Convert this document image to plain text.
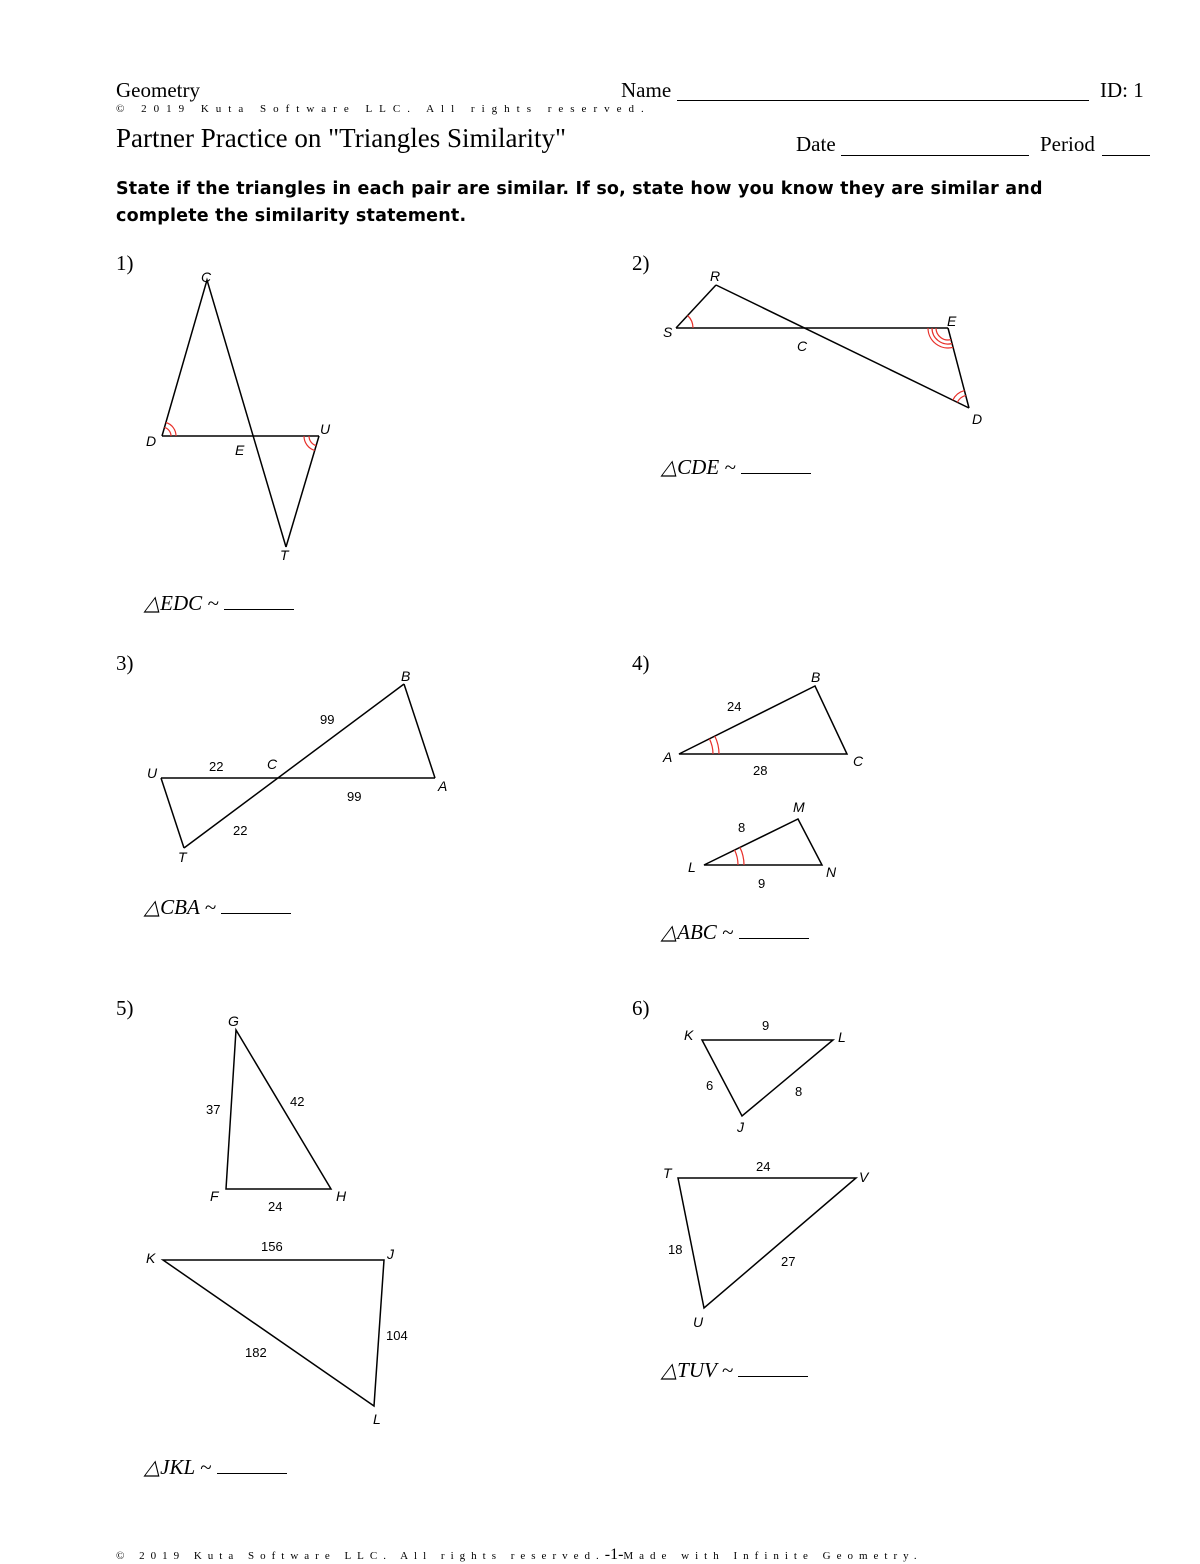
Geometry	Name	ID: 1
© 2019 Kuta Software LLC. All rights reserved.
Partner Practice on "Triangles Similarity"	Date	Period
State if the triangles in each pair are similar. If so, state how you know they are similar and
complete the similarity statement.
1)	2)
3)	4)
5)	6)
△EDC ~
△CDE ~
△CBA ~
△ABC ~
△JKL ~
△TUV ~
C
D
E
U
T
R
S
C
E
D
B
U
C
A
T
B
A	C
M
L	N
G
F	H
K	J
L
K	L
J
T	V
U
99
22
99
22
24
28
8
9
37
42
24
156
104
182
9
6	8
24
18
27
© 2019 Kuta Software LLC. All rights reserved.-1-Made with Infinite Geometry.
